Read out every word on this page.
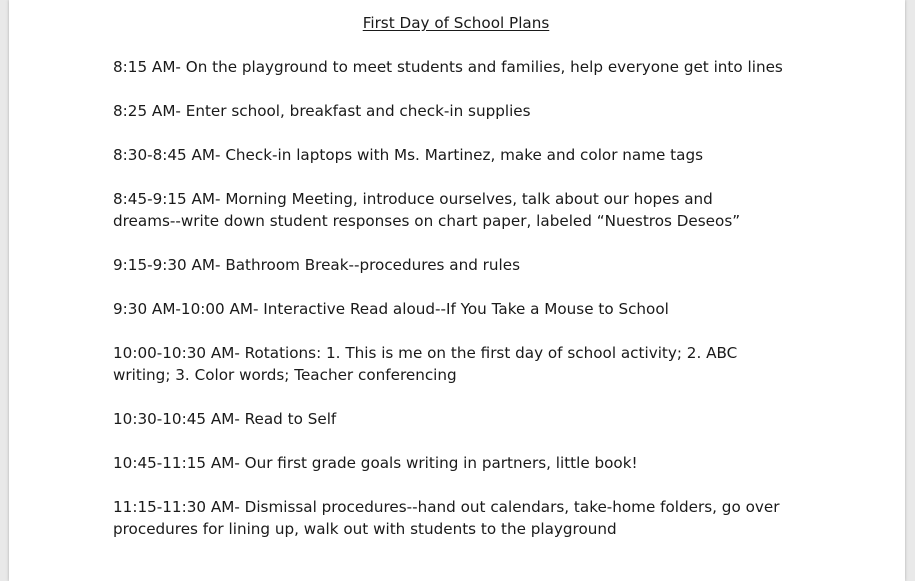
First Day of School Plans
8:15 AM- On the playground to meet students and families, help everyone get into lines
8:25 AM- Enter school, breakfast and check-in supplies
8:30-8:45 AM- Check-in laptops with Ms. Martinez, make and color name tags
8:45-9:15 AM- Morning Meeting, introduce ourselves, talk about our hopes and
dreams--write down student responses on chart paper, labeled “Nuestros Deseos”
9:15-9:30 AM- Bathroom Break--procedures and rules
9:30 AM-10:00 AM- Interactive Read aloud--If You Take a Mouse to School
10:00-10:30 AM- Rotations: 1. This is me on the first day of school activity; 2. ABC
writing; 3. Color words; Teacher conferencing
10:30-10:45 AM- Read to Self
10:45-11:15 AM- Our first grade goals writing in partners, little book!
11:15-11:30 AM- Dismissal procedures--hand out calendars, take-home folders, go over
procedures for lining up, walk out with students to the playground
